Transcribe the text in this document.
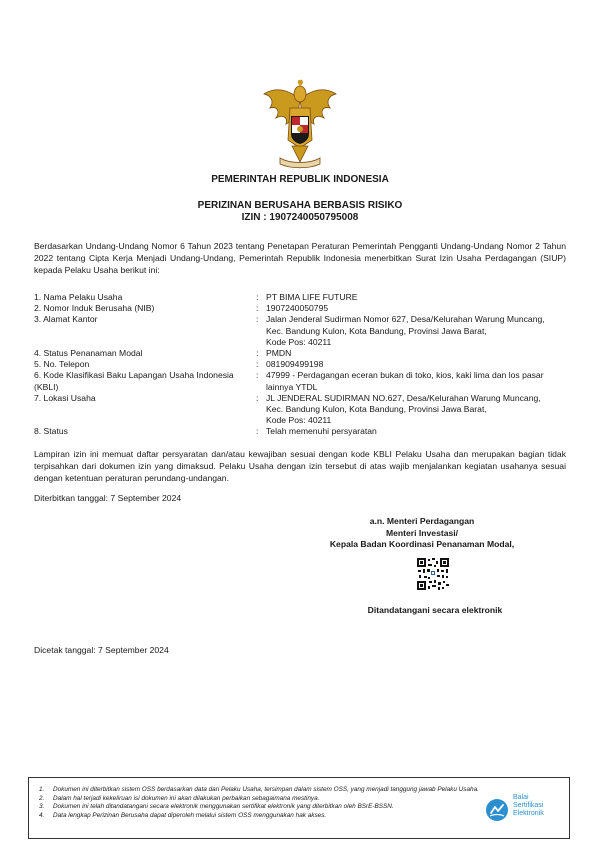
PEMERINTAH REPUBLIK INDONESIA
PERIZINAN BERUSAHA BERBASIS RISIKO
IZIN : 1907240050795008
Berdasarkan Undang-Undang Nomor 6 Tahun 2023 tentang Penetapan Peraturan Pemerintah Pengganti Undang-Undang Nomor 2 Tahun 2022 tentang Cipta Kerja Menjadi Undang-Undang, Pemerintah Republik Indonesia menerbitkan Surat Izin Usaha Perdagangan (SIUP) kepada Pelaku Usaha berikut ini:
1. Nama Pelaku Usaha	: PT BIMA LIFE FUTURE
2. Nomor Induk Berusaha (NIB)	: 1907240050795
3. Alamat Kantor	: Jalan Jenderal Sudirman Nomor 627, Desa/Kelurahan Warung Muncang,
Kec. Bandung Kulon, Kota Bandung, Provinsi Jawa Barat,
Kode Pos: 40211
4. Status Penanaman Modal	: PMDN
5. No. Telepon	: 081909499198
6. Kode Klasifikasi Baku Lapangan Usaha Indonesia (KBLI)
: 47999 - Perdagangan eceran bukan di toko, kios, kaki lima dan los pasar
lainnya YTDL
7. Lokasi Usaha	: JL JENDERAL SUDIRMAN NO.627, Desa/Kelurahan Warung Muncang,
Kec. Bandung Kulon, Kota Bandung, Provinsi Jawa Barat,
Kode Pos: 40211
8. Status	: Telah memenuhi persyaratan
Lampiran izin ini memuat daftar persyaratan dan/atau kewajiban sesuai dengan kode KBLI Pelaku Usaha dan merupakan bagian tidak terpisahkan dari dokumen izin yang dimaksud. Pelaku Usaha dengan izin tersebut di atas wajib menjalankan kegiatan usahanya sesuai dengan ketentuan peraturan perundang-undangan.
Diterbitkan tanggal: 7 September 2024
a.n. Menteri Perdagangan
Menteri Investasi/
Kepala Badan Koordinasi Penanaman Modal,
Ditandatangani secara elektronik
Dicetak tanggal: 7 September 2024
1.	Dokumen ini diterbitkan sistem OSS berdasarkan data dari Pelaku Usaha, tersimpan dalam sistem OSS, yang menjadi tanggung jawab Pelaku Usaha.
2.	Dalam hal terjadi kekeliruan isi dokumen ini akan dilakukan perbaikan sebagaimana mestinya.
3.	Dokumen ini telah ditandatangani secara elektronik menggunakan sertifikat elektronik yang diterbitkan oleh BSrE-BSSN.
4.	Data lengkap Perizinan Berusaha dapat diperoleh melalui sistem OSS menggunakan hak akses.
Balai
Sertifikasi
Elektronik
